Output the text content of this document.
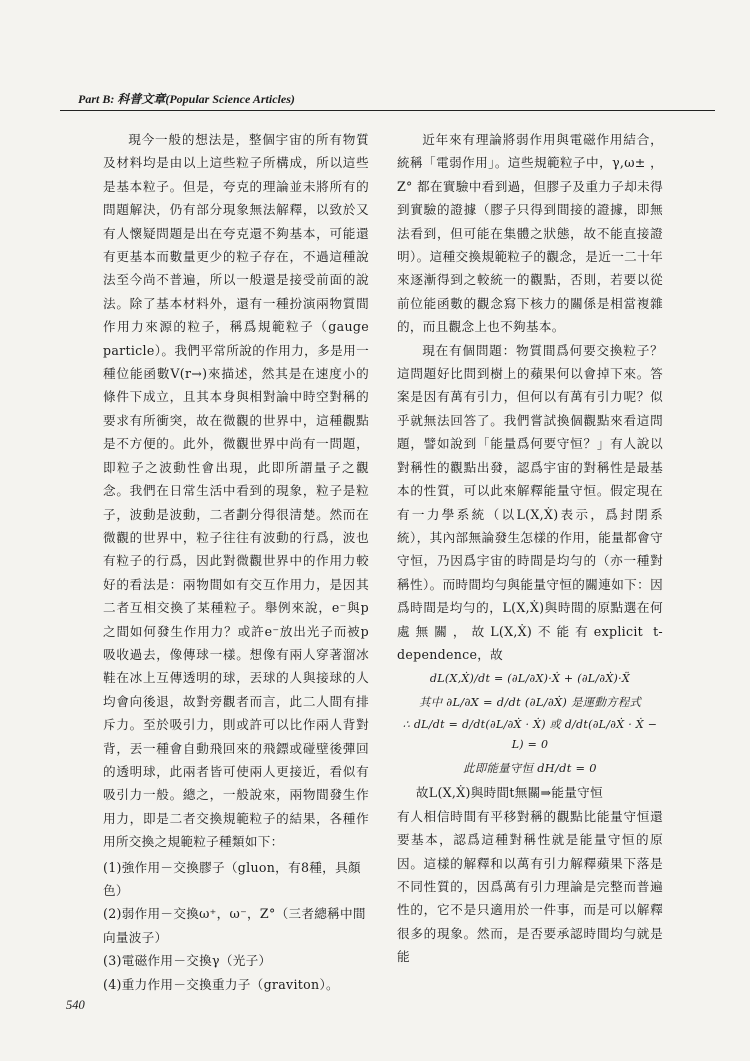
Part B: 科普文章(Popular Science Articles)

現今一般的想法是，整個宇宙的所有物質及材料均是由以上這些粒子所構成，所以這些是基本粒子。但是，夸克的理論並未將所有的問題解決，仍有部分現象無法解釋，以致於又有人懷疑問題是出在夸克還不夠基本，可能還有更基本而數量更少的粒子存在，不過這種說法至今尚不普遍，所以一般還是接受前面的說法。除了基本材料外，還有一種扮演兩物質間作用力來源的粒子，稱爲規範粒子（gauge particle）。我們平常所說的作用力，多是用一種位能函數V(r→)來描述，然其是在速度小的條件下成立，且其本身與相對論中時空對稱的要求有所衝突，故在微觀的世界中，這種觀點是不方便的。此外，微觀世界中尚有一問題，即粒子之波動性會出現，此即所謂量子之觀念。我們在日常生活中看到的現象，粒子是粒子，波動是波動，二者劃分得很清楚。然而在微觀的世界中，粒子往往有波動的行爲，波也有粒子的行爲，因此對微觀世界中的作用力較好的看法是：兩物間如有交互作用力，是因其二者互相交換了某種粒子。舉例來說，e⁻與p之間如何發生作用力？或許e⁻放出光子而被p吸收過去，像傳球一樣。想像有兩人穿著溜冰鞋在冰上互傳透明的球，丟球的人與接球的人均會向後退，故對旁觀者而言，此二人間有排斥力。至於吸引力，則或許可以比作兩人背對背，丟一種會自動飛回來的飛鏢或碰壁後彈回的透明球，此兩者皆可使兩人更接近，看似有吸引力一般。總之，一般說來，兩物間發生作用力，即是二者交換規範粒子的結果，各種作用所交換之規範粒子種類如下：

(1)強作用－交換膠子（gluon，有8種，具顏色）
(2)弱作用－交換ω⁺，ω⁻，Z°（三者總稱中間向量波子）
(3)電磁作用－交換γ（光子）
(4)重力作用－交換重力子（graviton）。

近年來有理論將弱作用與電磁作用結合，統稱「電弱作用」。這些規範粒子中，γ,ω± ，Z° 都在實驗中看到過，但膠子及重力子却未得到實驗的證據（膠子只得到間接的證據，即無法看到，但可能在集體之狀態，故不能直接證明）。這種交換規範粒子的觀念，是近一二十年來逐漸得到之較統一的觀點，否則，若要以從前位能函數的觀念寫下核力的關係是相當複雜的，而且觀念上也不夠基本。

現在有個問題：物質間爲何要交換粒子？這問題好比問到樹上的蘋果何以會掉下來。答案是因有萬有引力，但何以有萬有引力呢？似乎就無法回答了。我們嘗試換個觀點來看這問題，譬如說到「能量爲何要守恒？」有人說以對稱性的觀點出發，認爲宇宙的對稱性是最基本的性質，可以此來解釋能量守恒。假定現在有一力學系統（以L(X,Ẋ)表示，爲封閉系統），其內部無論發生怎樣的作用，能量都會守守恒，乃因爲宇宙的時間是均勻的（亦一種對稱性）。而時間均勻與能量守恒的關連如下：因爲時間是均勻的，L(X,Ẋ)與時間的原點選在何處無關，故L(X,Ẋ)不能有explicit t-dependence，故

dL(X,Ẋ)/dt = (∂L/∂X)·Ẋ + (∂L/∂Ẋ)·Ẍ
其中 ∂L/∂X = d/dt (∂L/∂Ẋ) 是運動方程式
∴ dL/dt = d/dt(∂L/∂Ẋ · Ẋ) 或 d/dt(∂L/∂Ẋ · Ẋ − L) = 0
此即能量守恒 dH/dt = 0

故L(X,Ẋ)與時間t無關⇒能量守恒

有人相信時間有平移對稱的觀點比能量守恒還要基本，認爲這種對稱性就是能量守恒的原因。這樣的解釋和以萬有引力解釋蘋果下落是不同性質的，因爲萬有引力理論是完整而普遍性的，它不是只適用於一件事，而是可以解釋很多的現象。然而，是否要承認時間均勻就是能

540
